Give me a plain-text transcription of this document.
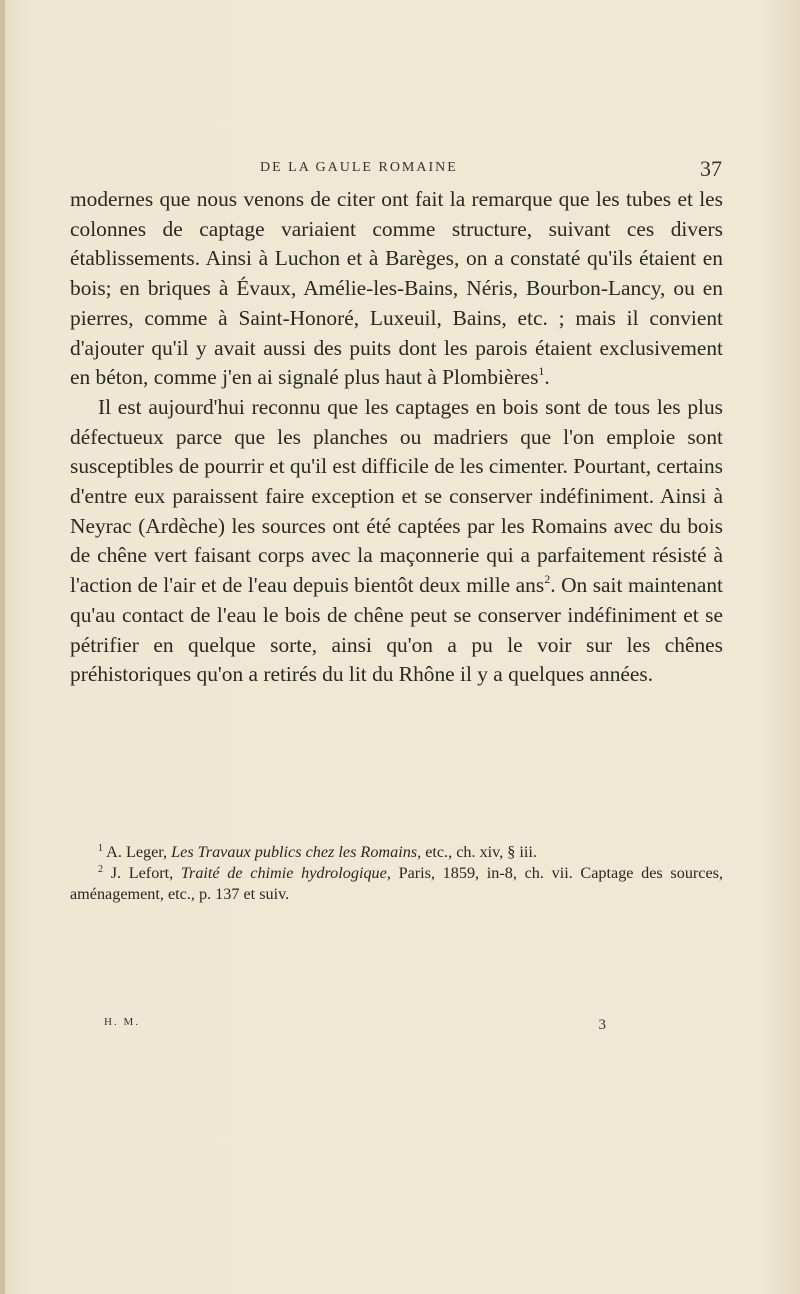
DE LA GAULE ROMAINE	37

modernes que nous venons de citer ont fait la remarque que les tubes et les colonnes de captage variaient comme structure, suivant ces divers établissements. Ainsi à Luchon et à Barèges, on a constaté qu'ils étaient en bois; en briques à Évaux, Amélie-les-Bains, Néris, Bourbon-Lancy, ou en pierres, comme à Saint-Honoré, Luxeuil, Bains, etc. ; mais il convient d'ajouter qu'il y avait aussi des puits dont les parois étaient exclusivement en béton, comme j'en ai signalé plus haut à Plombières$^1$.

Il est aujourd'hui reconnu que les captages en bois sont de tous les plus défectueux parce que les planches ou madriers que l'on emploie sont susceptibles de pourrir et qu'il est difficile de les cimenter. Pourtant, certains d'entre eux paraissent faire exception et se conserver indéfiniment. Ainsi à Neyrac (Ardèche) les sources ont été captées par les Romains avec du bois de chêne vert faisant corps avec la maçonnerie qui a parfaitement résisté à l'action de l'air et de l'eau depuis bientôt deux mille ans$^2$. On sait maintenant qu'au contact de l'eau le bois de chêne peut se conserver indéfiniment et se pétrifier en quelque sorte, ainsi qu'on a pu le voir sur les chênes préhistoriques qu'on a retirés du lit du Rhône il y a quelques années.

$^1$ A. Leger, Les Travaux publics chez les Romains, etc., ch. xiv, § iii.

$^2$ J. Lefort, Traité de chimie hydrologique, Paris, 1859, in-8, ch. vii. Captage des sources, aménagement, etc., p. 137 et suiv.

H. M.	3
